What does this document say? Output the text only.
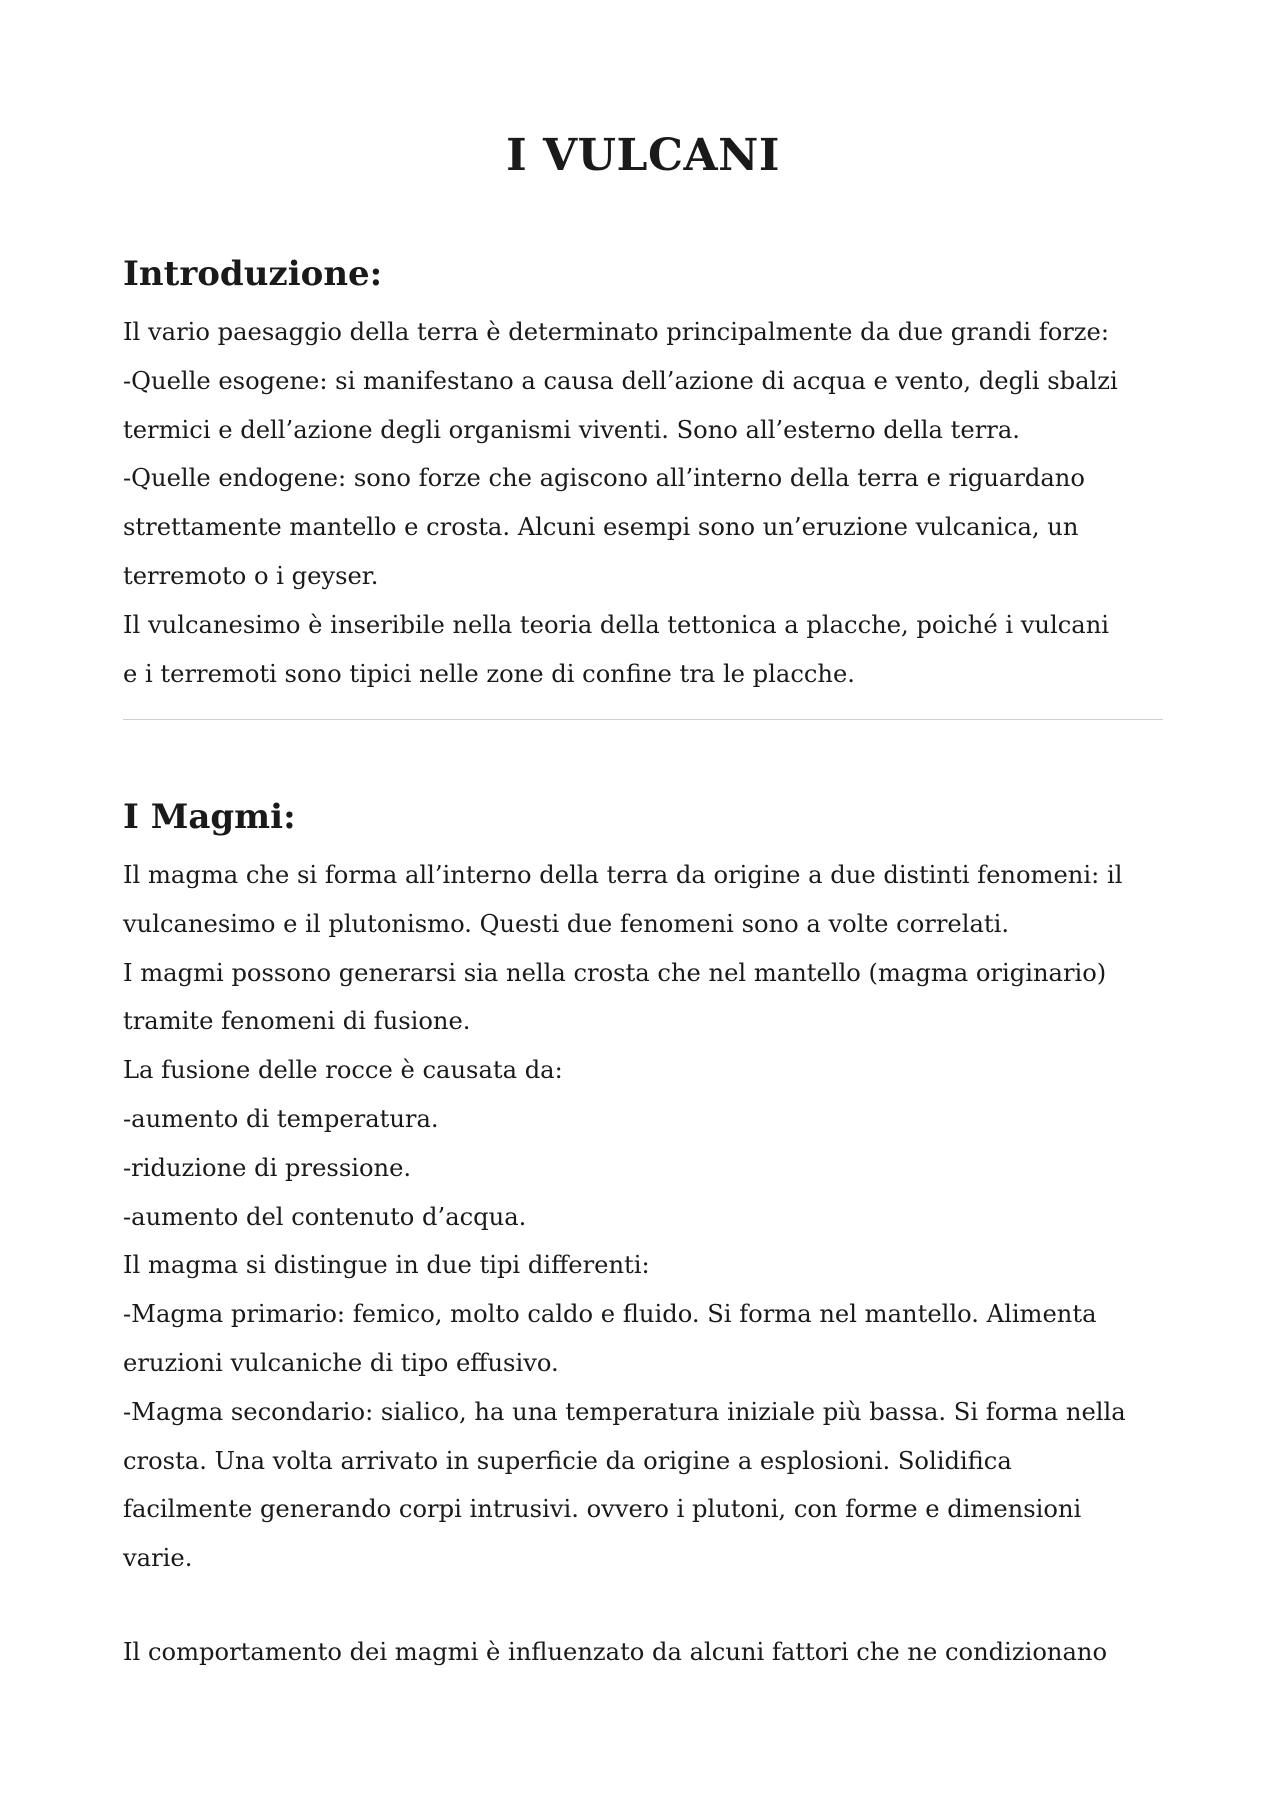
I VULCANI
Introduzione:
Il vario paesaggio della terra è determinato principalmente da due grandi forze:
-Quelle esogene: si manifestano a causa dell’azione di acqua e vento, degli sbalzi
termici e dell’azione degli organismi viventi. Sono all’esterno della terra.
-Quelle endogene: sono forze che agiscono all’interno della terra e riguardano
strettamente mantello e crosta. Alcuni esempi sono un’eruzione vulcanica, un
terremoto o i geyser.
Il vulcanesimo è inseribile nella teoria della tettonica a placche, poiché i vulcani
e i terremoti sono tipici nelle zone di confine tra le placche.
I Magmi:
Il magma che si forma all’interno della terra da origine a due distinti fenomeni: il
vulcanesimo e il plutonismo. Questi due fenomeni sono a volte correlati.
I magmi possono generarsi sia nella crosta che nel mantello (magma originario)
tramite fenomeni di fusione.
La fusione delle rocce è causata da:
-aumento di temperatura.
-riduzione di pressione.
-aumento del contenuto d’acqua.
Il magma si distingue in due tipi differenti:
-Magma primario: femico, molto caldo e fluido. Si forma nel mantello. Alimenta
eruzioni vulcaniche di tipo effusivo.
-Magma secondario: sialico, ha una temperatura iniziale più bassa. Si forma nella
crosta. Una volta arrivato in superficie da origine a esplosioni. Solidifica
facilmente generando corpi intrusivi. ovvero i plutoni, con forme e dimensioni
varie.

Il comportamento dei magmi è influenzato da alcuni fattori che ne condizionano
